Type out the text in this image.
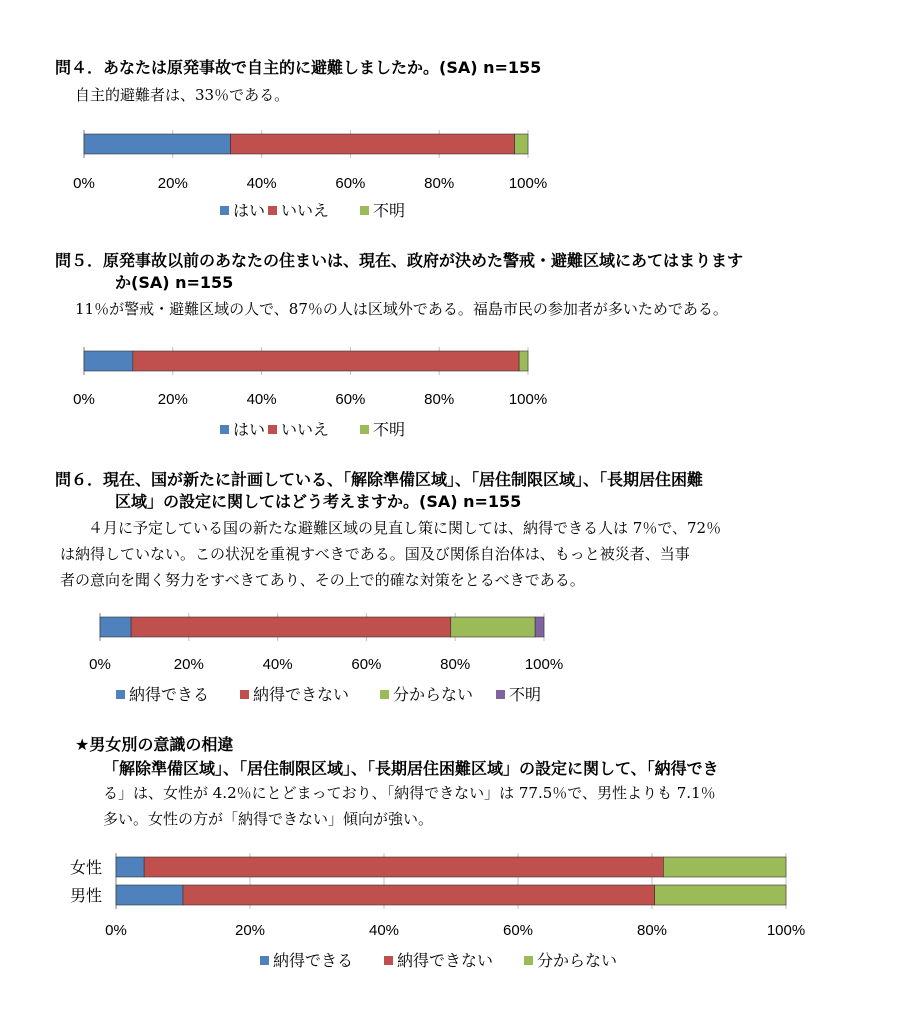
問４．あなたは原発事故で自主的に避難しましたか。(SA) n=155
自主的避難者は、33％である。
0%	20%	40%	60%	80%	100%
はい いいえ	不明
0%	20%	40%	60%	80%	100%
はい いいえ	不明
0%	20%	40%	60%	80%	100%
納得できる	納得できない	分からない 不明
0%	20%	40%	60%	80%	100%
女性
男性
納得できる	納得できない	分からない
問５．原発事故以前のあなたの住まいは、現在、政府が決めた警戒・避難区域にあてはまります
か(SA) n=155
11％が警戒・避難区域の人で、87％の人は区域外である。福島市民の参加者が多いためである。
問６．現在、国が新たに計画している、「解除準備区域」、「居住制限区域」、「長期居住困難
区域」の設定に関してはどう考えますか。(SA) n=155
４月に予定している国の新たな避難区域の見直し策に関しては、納得できる人は 7％で、72％
は納得していない。この状況を重視すべきである。国及び関係自治体は、もっと被災者、当事
者の意向を聞く努力をすべきてあり、その上で的確な対策をとるべきである。
★男女別の意識の相違
「解除準備区域」、「居住制限区域」、「長期居住困難区域」の設定に関して、「納得でき
る」は、女性が 4.2％にとどまっており、「納得できない」は 77.5％で、男性よりも 7.1％
多い。女性の方が「納得できない」傾向が強い。
